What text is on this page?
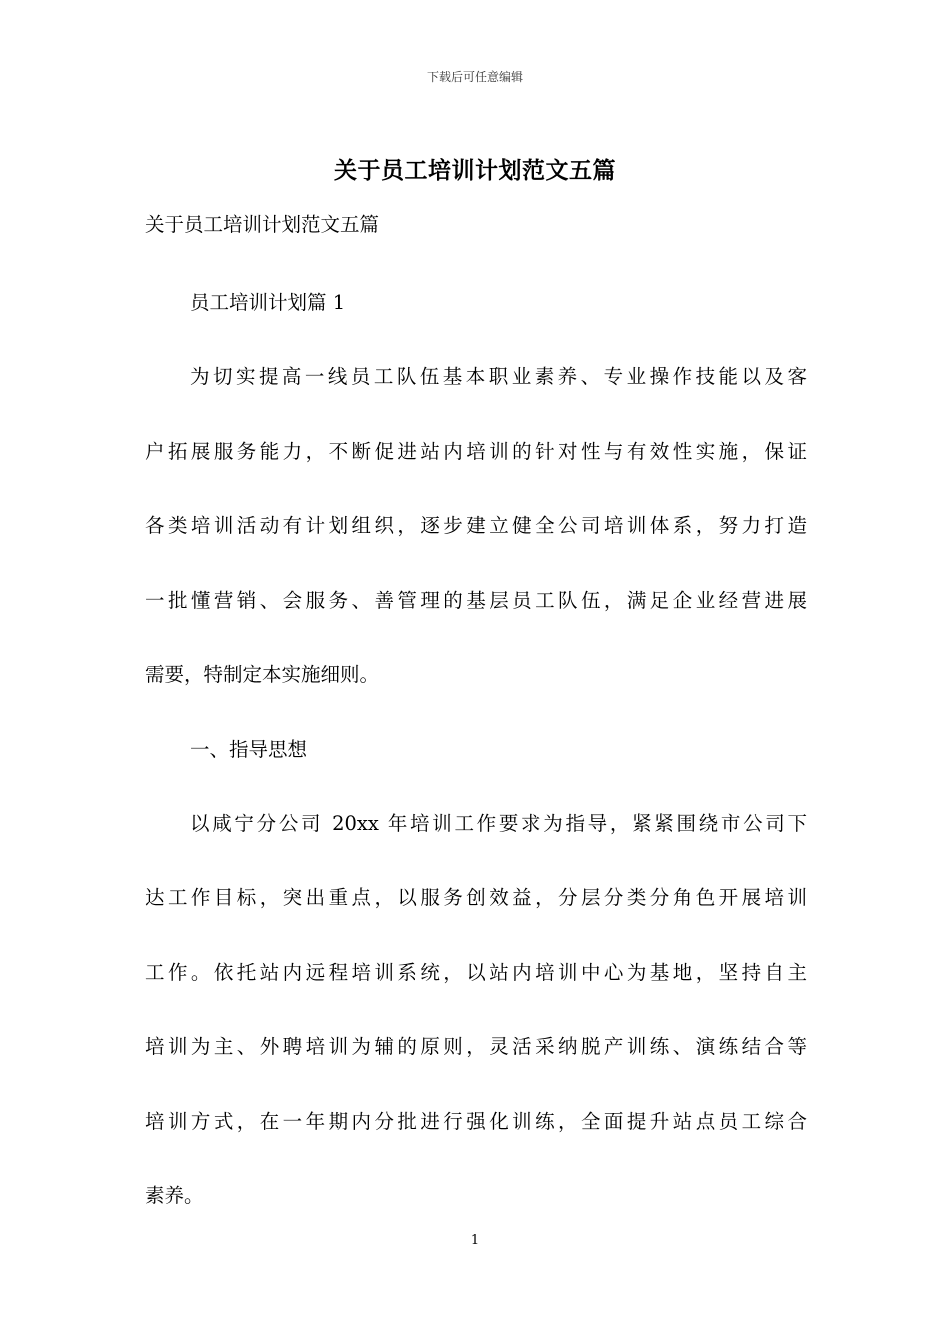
下载后可任意编辑
关于员工培训计划范文五篇
关于员工培训计划范文五篇
员工培训计划篇 1
为切实提高一线员工队伍基本职业素养、专业操作技能以及客
户拓展服务能力，不断促进站内培训的针对性与有效性实施，保证
各类培训活动有计划组织，逐步建立健全公司培训体系，努力打造
一批懂营销、会服务、善管理的基层员工队伍，满足企业经营进展
需要，特制定本实施细则。
一、指导思想
以咸宁分公司 20xx 年培训工作要求为指导，紧紧围绕市公司下
达工作目标，突出重点，以服务创效益，分层分类分角色开展培训
工作。依托站内远程培训系统，以站内培训中心为基地，坚持自主
培训为主、外聘培训为辅的原则，灵活采纳脱产训练、演练结合等
培训方式，在一年期内分批进行强化训练，全面提升站点员工综合
素养。
1
